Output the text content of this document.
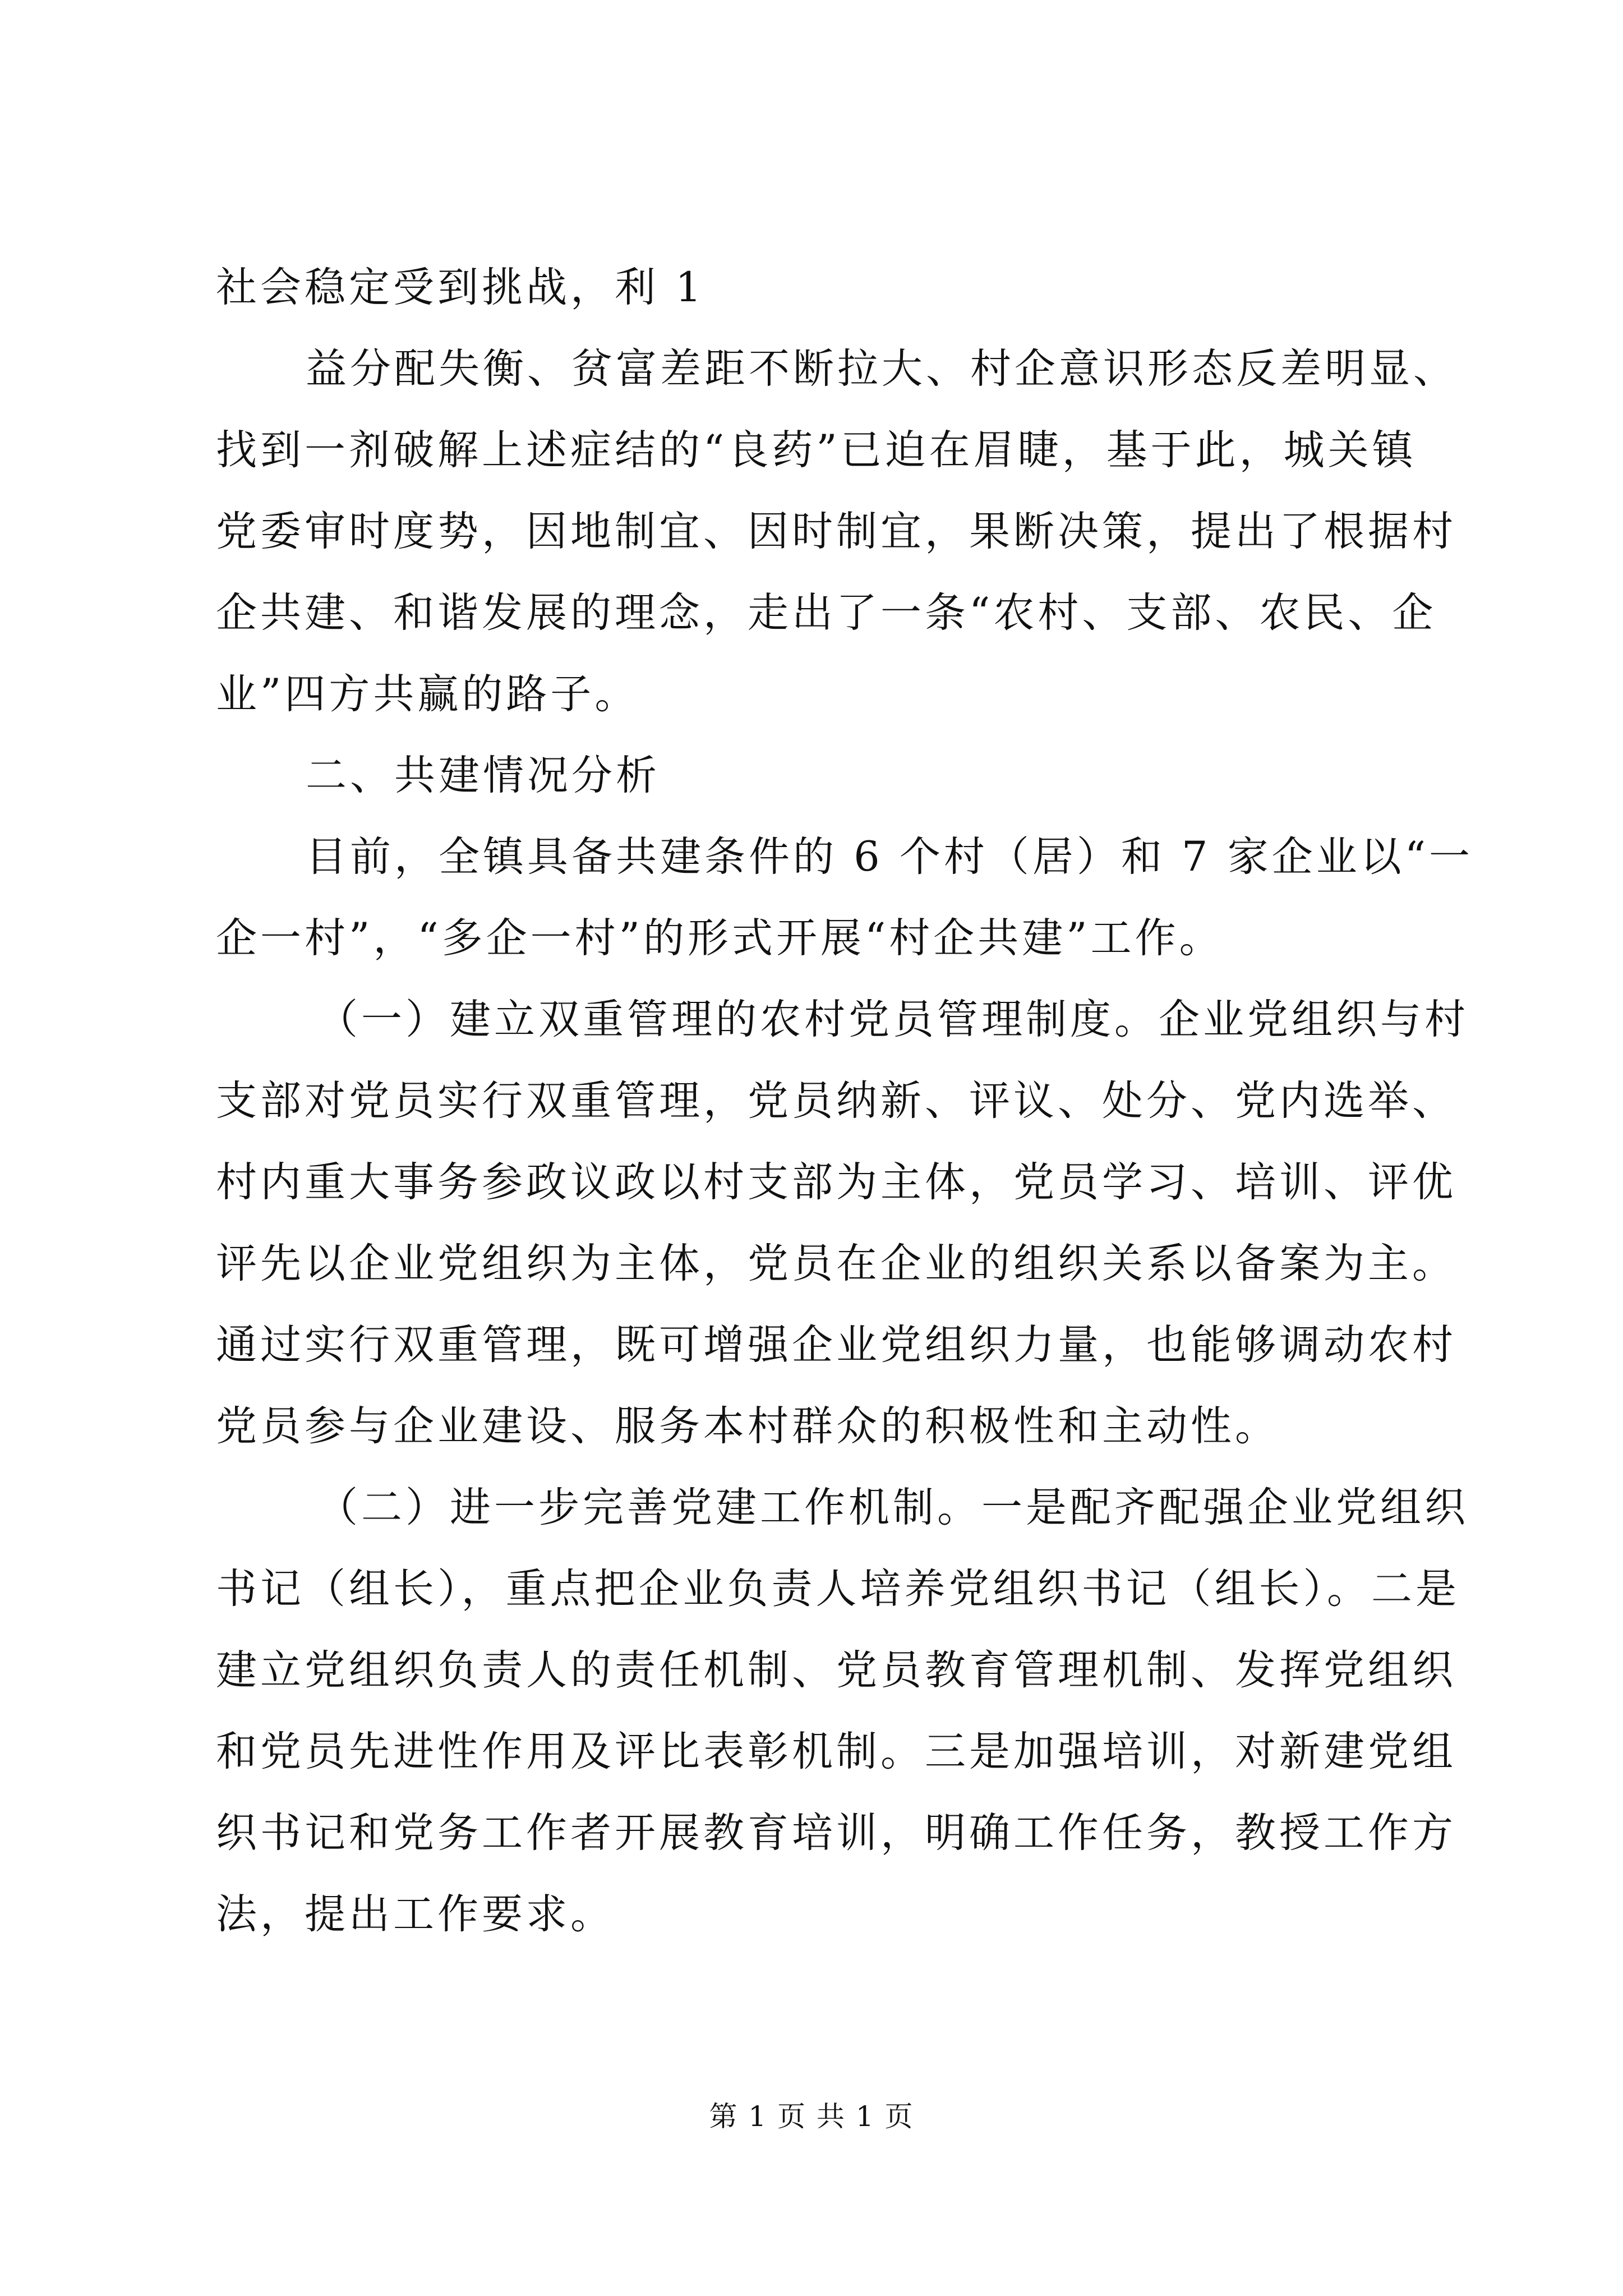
社会稳定受到挑战，利 1
益分配失衡、贫富差距不断拉大、村企意识形态反差明显、
找到一剂破解上述症结的“良药”已迫在眉睫，基于此，城关镇
党委审时度势，因地制宜、因时制宜，果断决策，提出了根据村
企共建、和谐发展的理念，走出了一条“农村、支部、农民、企
业”四方共赢的路子。
二、共建情况分析
目前，全镇具备共建条件的 6 个村（居）和 7 家企业以“一
企一村”，“多企一村”的形式开展“村企共建”工作。
（一）建立双重管理的农村党员管理制度。企业党组织与村
支部对党员实行双重管理，党员纳新、评议、处分、党内选举、
村内重大事务参政议政以村支部为主体，党员学习、培训、评优
评先以企业党组织为主体，党员在企业的组织关系以备案为主。
通过实行双重管理，既可增强企业党组织力量，也能够调动农村
党员参与企业建设、服务本村群众的积极性和主动性。
（二）进一步完善党建工作机制。一是配齐配强企业党组织
书记（组长），重点把企业负责人培养党组织书记（组长）。二是
建立党组织负责人的责任机制、党员教育管理机制、发挥党组织
和党员先进性作用及评比表彰机制。三是加强培训，对新建党组
织书记和党务工作者开展教育培训，明确工作任务，教授工作方
法，提出工作要求。
第 1 页 共 1 页
